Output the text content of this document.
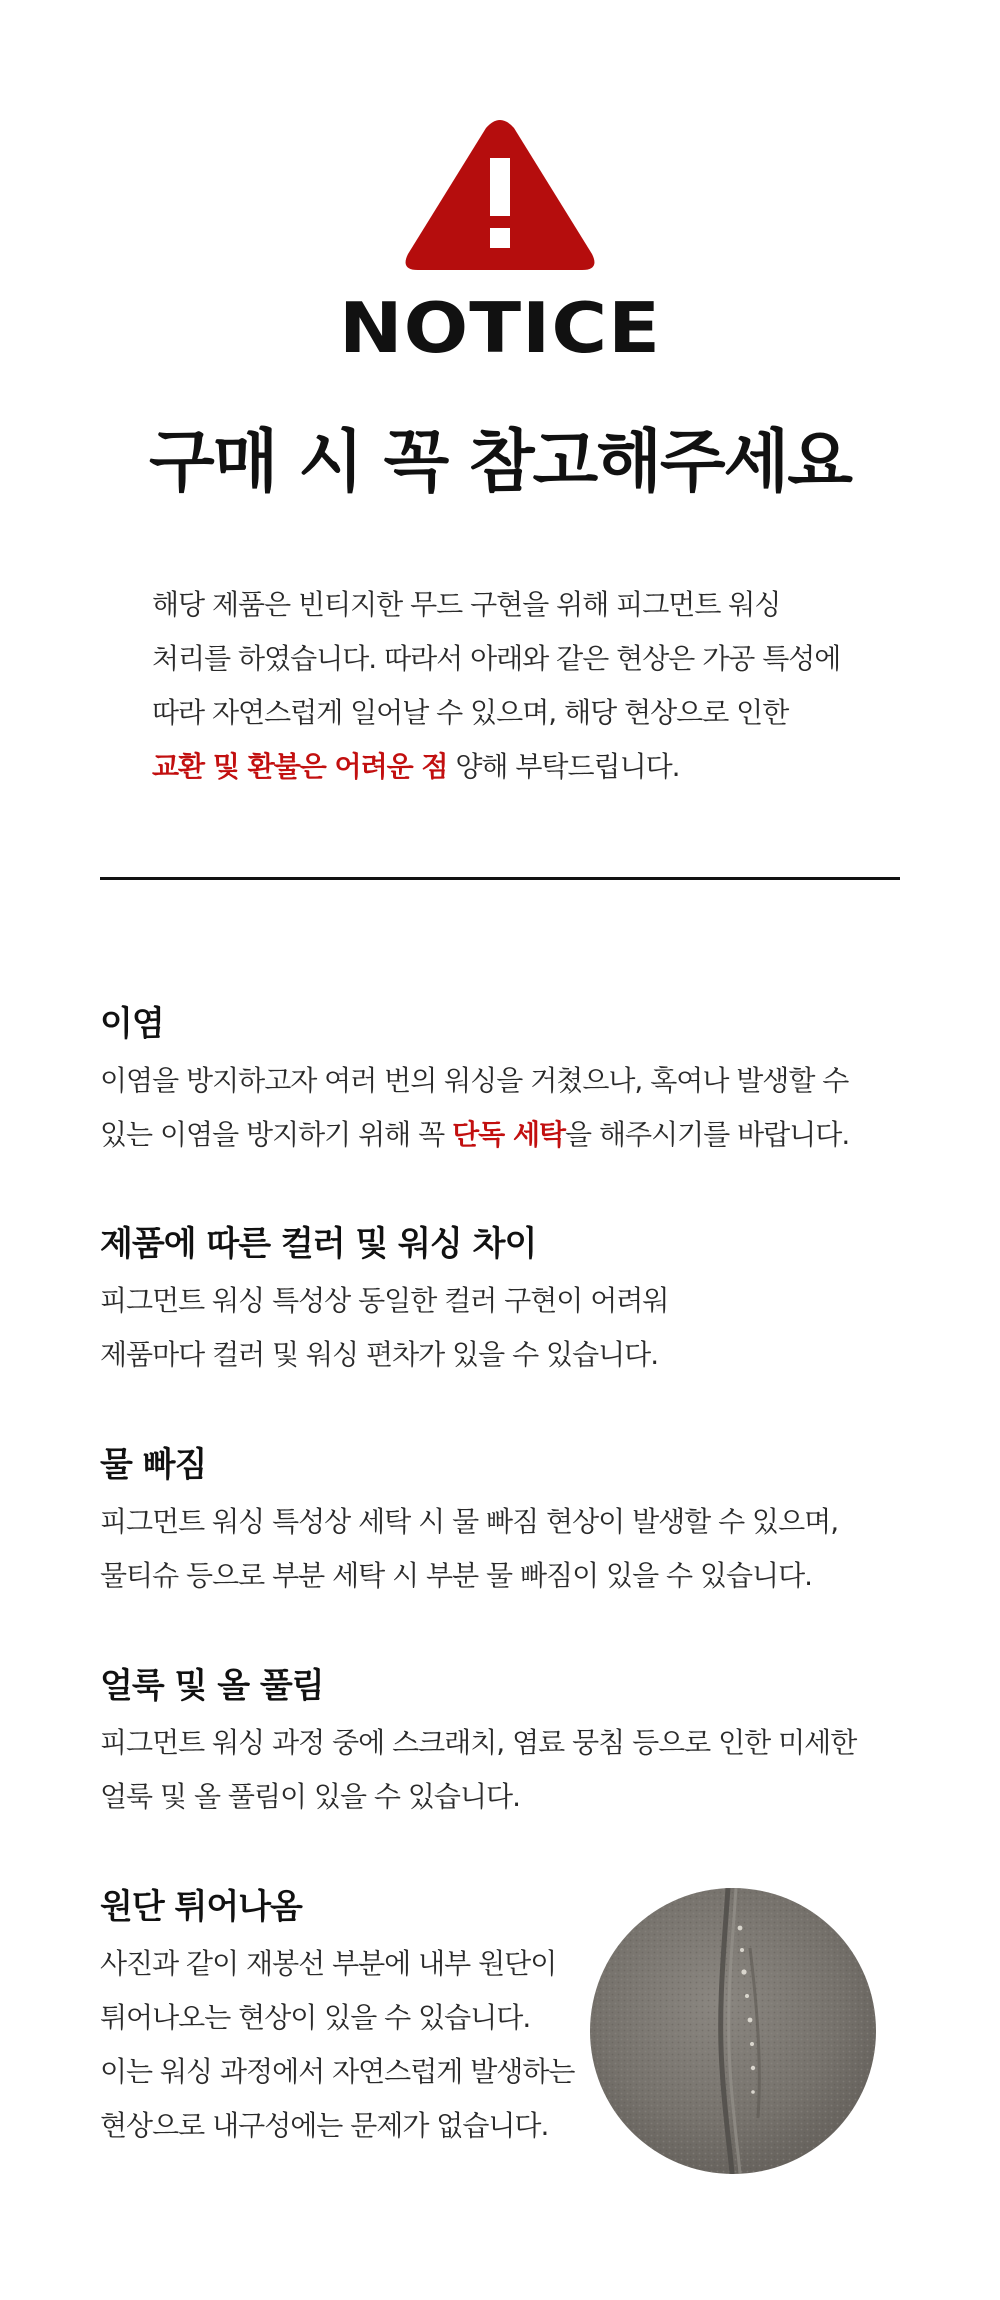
NOTICE
구매 시 꼭 참고해주세요

해당 제품은 빈티지한 무드 구현을 위해 피그먼트 워싱

처리를 하였습니다. 따라서 아래와 같은 현상은 가공 특성에

따라 자연스럽게 일어날 수 있으며, 해당 현상으로 인한

교환 및 환불은 어려운 점 양해 부탁드립니다.

이염

이염을 방지하고자 여러 번의 워싱을 거쳤으나, 혹여나 발생할 수

있는 이염을 방지하기 위해 꼭 단독 세탁을 해주시기를 바랍니다.

제품에 따른 컬러 및 워싱 차이

피그먼트 워싱 특성상 동일한 컬러 구현이 어려워

제품마다 컬러 및 워싱 편차가 있을 수 있습니다.

물 빠짐

피그먼트 워싱 특성상 세탁 시 물 빠짐 현상이 발생할 수 있으며,

물티슈 등으로 부분 세탁 시 부분 물 빠짐이 있을 수 있습니다.

얼룩 및 올 풀림

피그먼트 워싱 과정 중에 스크래치, 염료 뭉침 등으로 인한 미세한

얼룩 및 올 풀림이 있을 수 있습니다.

원단 튀어나옴

사진과 같이 재봉선 부분에 내부 원단이

튀어나오는 현상이 있을 수 있습니다.

이는 워싱 과정에서 자연스럽게 발생하는

현상으로 내구성에는 문제가 없습니다.
